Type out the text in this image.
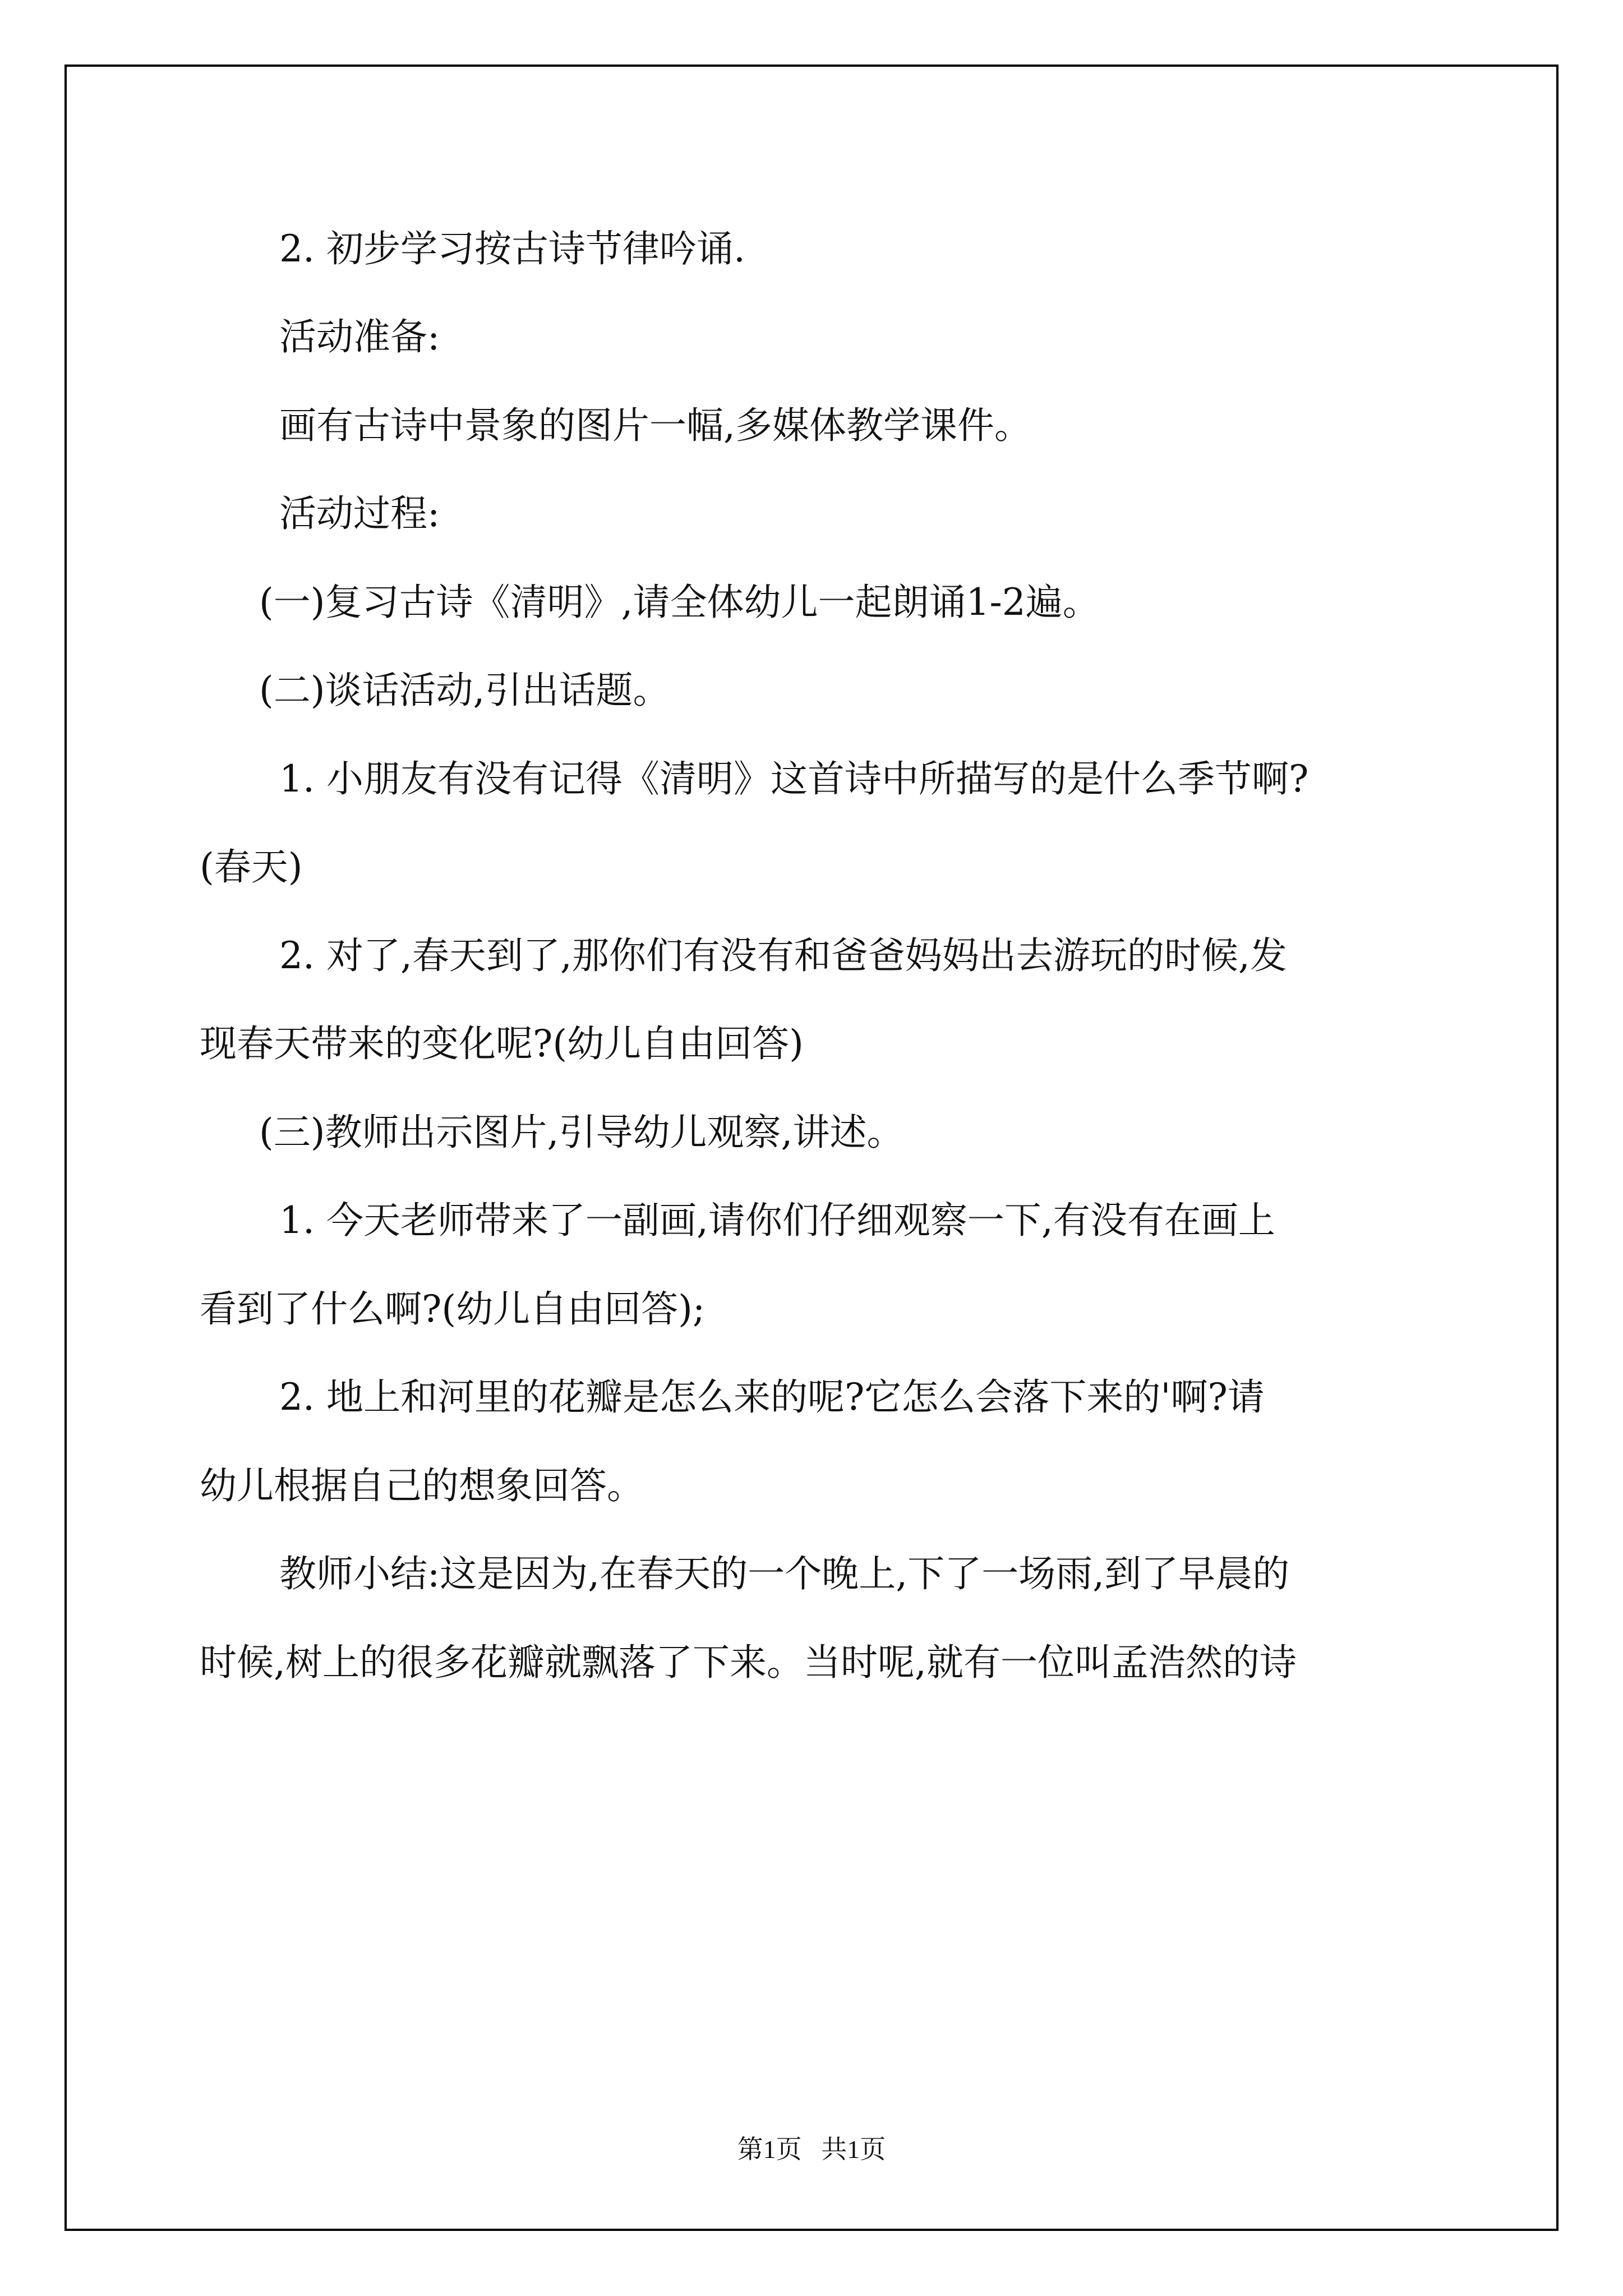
2. 初步学习按古诗节律吟诵.
活动准备:
画有古诗中景象的图片一幅,多媒体教学课件。
活动过程:
(一)复习古诗《清明》,请全体幼儿一起朗诵1-2遍。
(二)谈话活动,引出话题。
1. 小朋友有没有记得《清明》这首诗中所描写的是什么季节啊?
(春天)
2. 对了,春天到了,那你们有没有和爸爸妈妈出去游玩的时候,发
现春天带来的变化呢?(幼儿自由回答)
(三)教师出示图片,引导幼儿观察,讲述。
1. 今天老师带来了一副画,请你们仔细观察一下,有没有在画上
看到了什么啊?(幼儿自由回答);
2. 地上和河里的花瓣是怎么来的呢?它怎么会落下来的'啊?请
幼儿根据自己的想象回答。
教师小结:这是因为,在春天的一个晚上,下了一场雨,到了早晨的
时候,树上的很多花瓣就飘落了下来。当时呢,就有一位叫孟浩然的诗
第1页   共1页
